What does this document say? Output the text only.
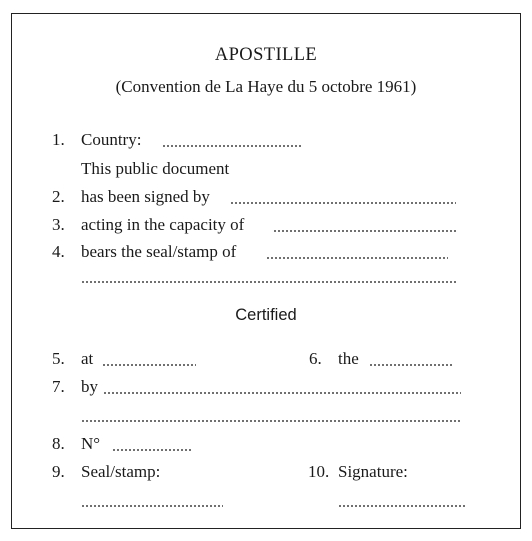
APOSTILLE
(Convention de La Haye du 5 octobre 1961)
1. Country:
This public document
2. has been signed by
3. acting in the capacity of
4. bears the seal/stamp of
Certified
5. at	6. the
7. by
8. N°
9. Seal/stamp:	10. Signature:
